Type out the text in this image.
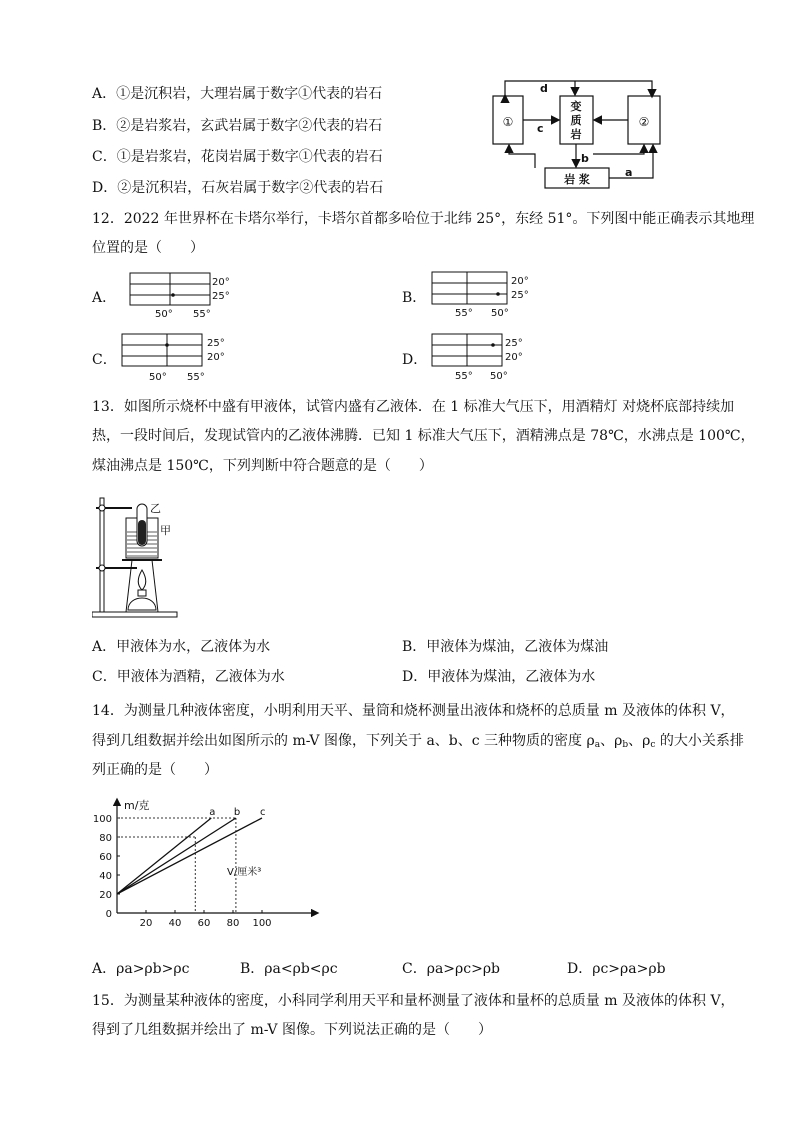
A．①是沉积岩，大理岩属于数字①代表的岩石
B．②是岩浆岩，玄武岩属于数字②代表的岩石
C．①是岩浆岩，花岗岩属于数字①代表的岩石
D．②是沉积岩，石灰岩属于数字②代表的岩石
①	②
变
质
岩
岩 浆
d
c
b
a
12．2022 年世界杯在卡塔尔举行，卡塔尔首都多哈位于北纬 25°，东经 51°。下列图中能正确表示其地理
位置的是（　　）
A．
20°
25°
50° 55°
B．
20°
25°
55° 50°
C．
25°
20°
50° 55°
D．
25°
20°
55° 50°
13．如图所示烧杯中盛有甲液体，试管内盛有乙液体．在 1 标准大气压下，用酒精灯 对烧杯底部持续加
热，一段时间后，发现试管内的乙液体沸腾．已知 1 标准大气压下，酒精沸点是 78℃，水沸点是 100℃，
煤油沸点是 150℃，下列判断中符合题意的是（　　）
乙
甲
A．甲液体为水，乙液体为水	B．甲液体为煤油，乙液体为煤油
C．甲液体为酒精，乙液体为水	D．甲液体为煤油，乙液体为水
14．为测量几种液体密度，小明利用天平、量筒和烧杯测量出液体和烧杯的总质量 m 及液体的体积 V，
得到几组数据并绘出如图所示的 m-V 图像，下列关于 a、b、c 三种物质的密度 $\rho_a$、$\rho_b$、$\rho_c$ 的大小关系排
列正确的是（　　）
m/克
V/厘米³
0
20
40
60
80
100
20 40 60 80 100
a b c
A．ρa>ρb>ρc	B．ρa<ρb<ρc	C．ρa>ρc>ρb	D．ρc>ρa>ρb
15．为测量某种液体的密度，小科同学利用天平和量杯测量了液体和量杯的总质量 m 及液体的体积 V，
得到了几组数据并绘出了 m-V 图像。下列说法正确的是（　　）
